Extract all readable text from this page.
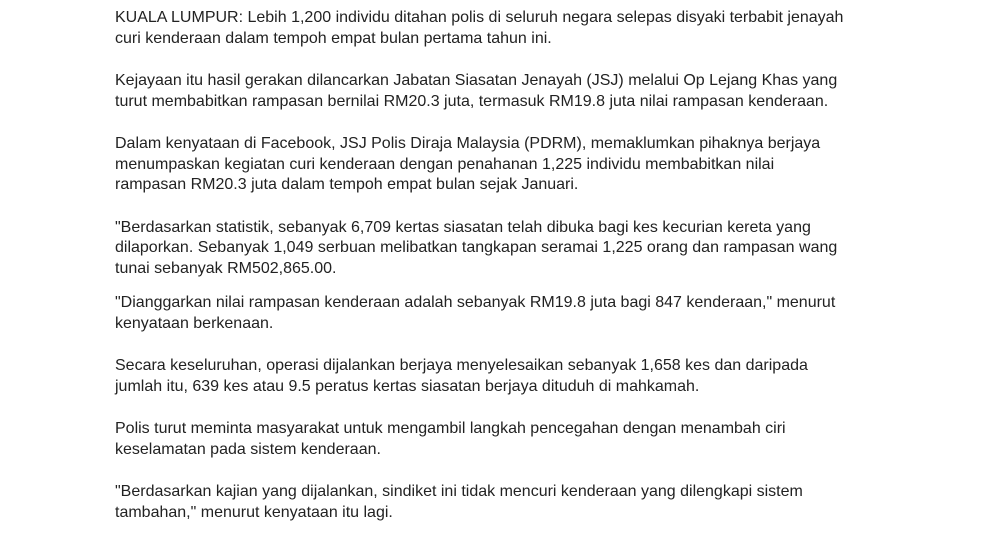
KUALA LUMPUR: Lebih 1,200 individu ditahan polis di seluruh negara selepas disyaki terbabit jenayah
curi kenderaan dalam tempoh empat bulan pertama tahun ini.

Kejayaan itu hasil gerakan dilancarkan Jabatan Siasatan Jenayah (JSJ) melalui Op Lejang Khas yang
turut membabitkan rampasan bernilai RM20.3 juta, termasuk RM19.8 juta nilai rampasan kenderaan.

Dalam kenyataan di Facebook, JSJ Polis Diraja Malaysia (PDRM), memaklumkan pihaknya berjaya
menumpaskan kegiatan curi kenderaan dengan penahanan 1,225 individu membabitkan nilai
rampasan RM20.3 juta dalam tempoh empat bulan sejak Januari.

"Berdasarkan statistik, sebanyak 6,709 kertas siasatan telah dibuka bagi kes kecurian kereta yang
dilaporkan. Sebanyak 1,049 serbuan melibatkan tangkapan seramai 1,225 orang dan rampasan wang
tunai sebanyak RM502,865.00.

"Dianggarkan nilai rampasan kenderaan adalah sebanyak RM19.8 juta bagi 847 kenderaan," menurut
kenyataan berkenaan.

Secara keseluruhan, operasi dijalankan berjaya menyelesaikan sebanyak 1,658 kes dan daripada
jumlah itu, 639 kes atau 9.5 peratus kertas siasatan berjaya dituduh di mahkamah.

Polis turut meminta masyarakat untuk mengambil langkah pencegahan dengan menambah ciri
keselamatan pada sistem kenderaan.

"Berdasarkan kajian yang dijalankan, sindiket ini tidak mencuri kenderaan yang dilengkapi sistem
tambahan," menurut kenyataan itu lagi.
